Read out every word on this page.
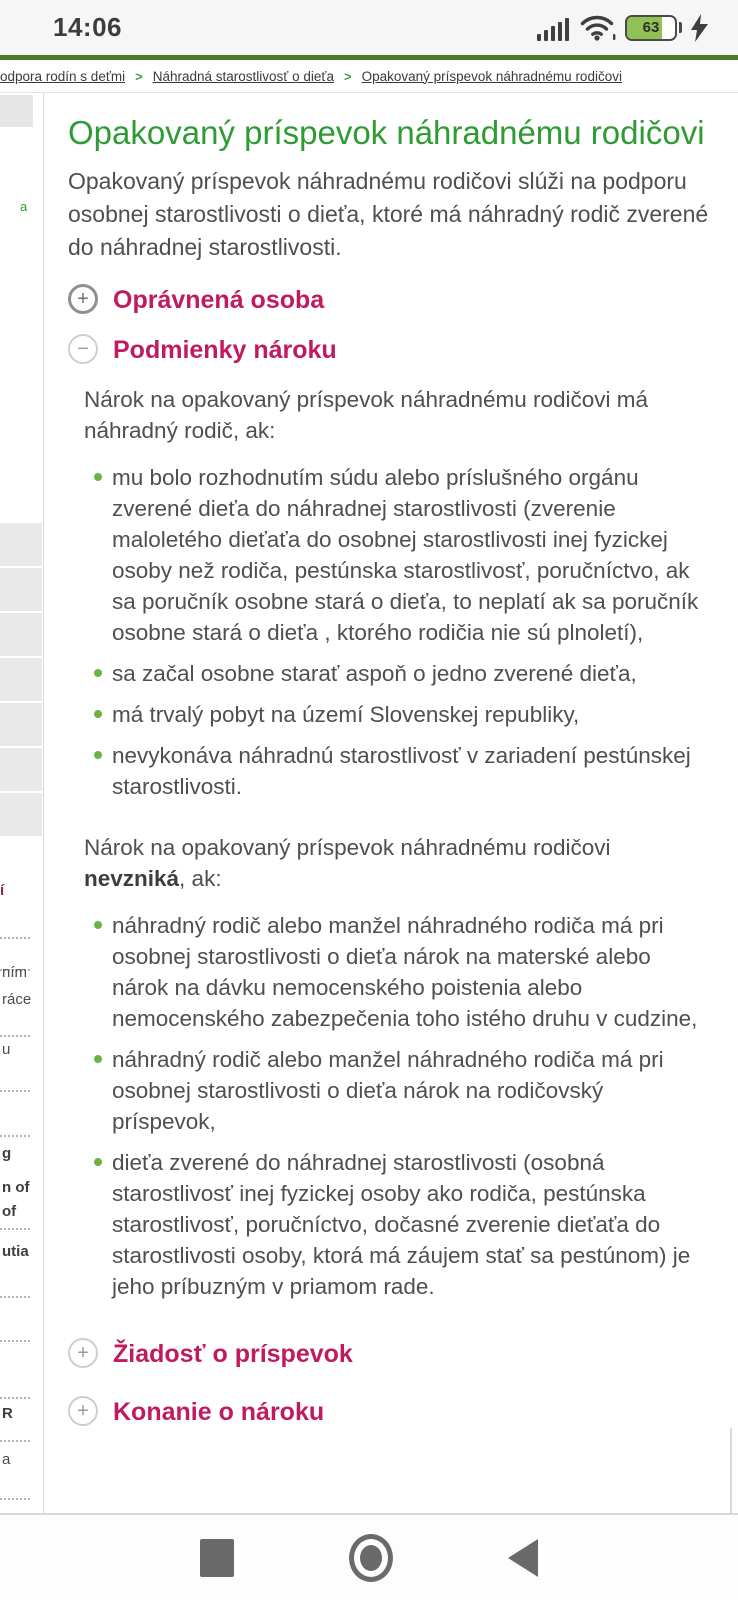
14:06	63
odpora rodín s deťmi > Náhradná starostlivosť o dieťa > Opakovaný príspevok náhradnému rodičovi
a
í
ním
ráce
u
g
n of
of
utia
R
a
Opakovaný príspevok náhradnému rodičovi

Opakovaný príspevok náhradnému rodičovi slúži na podporu osobnej starostlivosti o dieťa, ktoré má náhradný rodič zverené do náhradnej starostlivosti.

+ Oprávnená osoba
− Podmienky nároku

Nárok na opakovaný príspevok náhradnému rodičovi má náhradný rodič, ak:

mu bolo rozhodnutím súdu alebo príslušného orgánu zverené dieťa do náhradnej starostlivosti (zverenie maloletého dieťaťa do osobnej starostlivosti inej fyzickej osoby než rodiča, pestúnska starostlivosť, poručníctvo, ak sa poručník osobne stará o dieťa, to neplatí ak sa poručník osobne stará o dieťa , ktorého rodičia nie sú plnoletí),
sa začal osobne starať aspoň o jedno zverené dieťa,
má trvalý pobyt na území Slovenskej republiky,
nevykonáva náhradnú starostlivosť v zariadení pestúnskej starostlivosti.

Nárok na opakovaný príspevok náhradnému rodičovi nevzniká, ak:

náhradný rodič alebo manžel náhradného rodiča má pri osobnej starostlivosti o dieťa nárok na materské alebo nárok na dávku nemocenského poistenia alebo nemocenského zabezpečenia toho istého druhu v cudzine,
náhradný rodič alebo manžel náhradného rodiča má pri osobnej starostlivosti o dieťa nárok na rodičovský príspevok,
dieťa zverené do náhradnej starostlivosti (osobná starostlivosť inej fyzickej osoby ako rodiča, pestúnska starostlivosť, poručníctvo, dočasné zverenie dieťaťa do starostlivosti osoby, ktorá má záujem stať sa pestúnom) je jeho príbuzným v priamom rade.
+ Žiadosť o príspevok
+ Konanie o nároku
